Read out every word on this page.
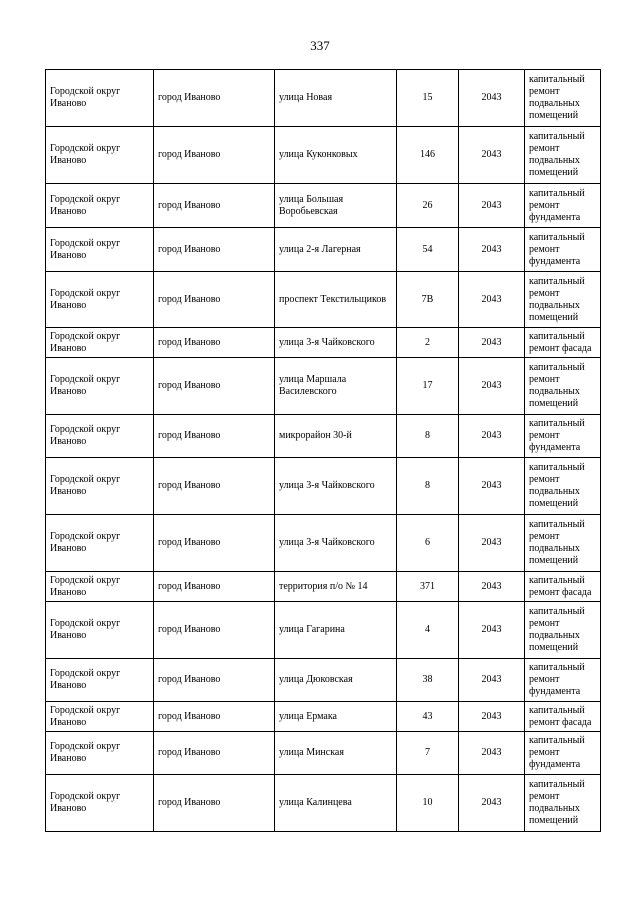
337
Городской округ Иваново	город Иваново	улица Новая	15	2043	капитальный ремонт подвальных помещений
Городской округ Иваново	город Иваново	улица Куконковых	146	2043	капитальный ремонт подвальных помещений
Городской округ Иваново	город Иваново	улица Большая Воробьевская	26	2043	капитальный ремонт фундамента
Городской округ Иваново	город Иваново	улица 2-я Лагерная	54	2043	капитальный ремонт фундамента
Городской округ Иваново	город Иваново	проспект Текстильщиков	7В	2043	капитальный ремонт подвальных помещений
Городской округ Иваново	город Иваново	улица 3-я Чайковского	2	2043	капитальный ремонт фасада
Городской округ Иваново	город Иваново	улица Маршала Василевского	17	2043	капитальный ремонт подвальных помещений
Городской округ Иваново	город Иваново	микрорайон 30-й	8	2043	капитальный ремонт фундамента
Городской округ Иваново	город Иваново	улица 3-я Чайковского	8	2043	капитальный ремонт подвальных помещений
Городской округ Иваново	город Иваново	улица 3-я Чайковского	6	2043	капитальный ремонт подвальных помещений
Городской округ Иваново	город Иваново	территория п/о № 14	371	2043	капитальный ремонт фасада
Городской округ Иваново	город Иваново	улица Гагарина	4	2043	капитальный ремонт подвальных помещений
Городской округ Иваново	город Иваново	улица Дюковская	38	2043	капитальный ремонт фундамента
Городской округ Иваново	город Иваново	улица Ермака	43	2043	капитальный ремонт фасада
Городской округ Иваново	город Иваново	улица Минская	7	2043	капитальный ремонт фундамента
Городской округ Иваново	город Иваново	улица Калинцева	10	2043	капитальный ремонт подвальных помещений
